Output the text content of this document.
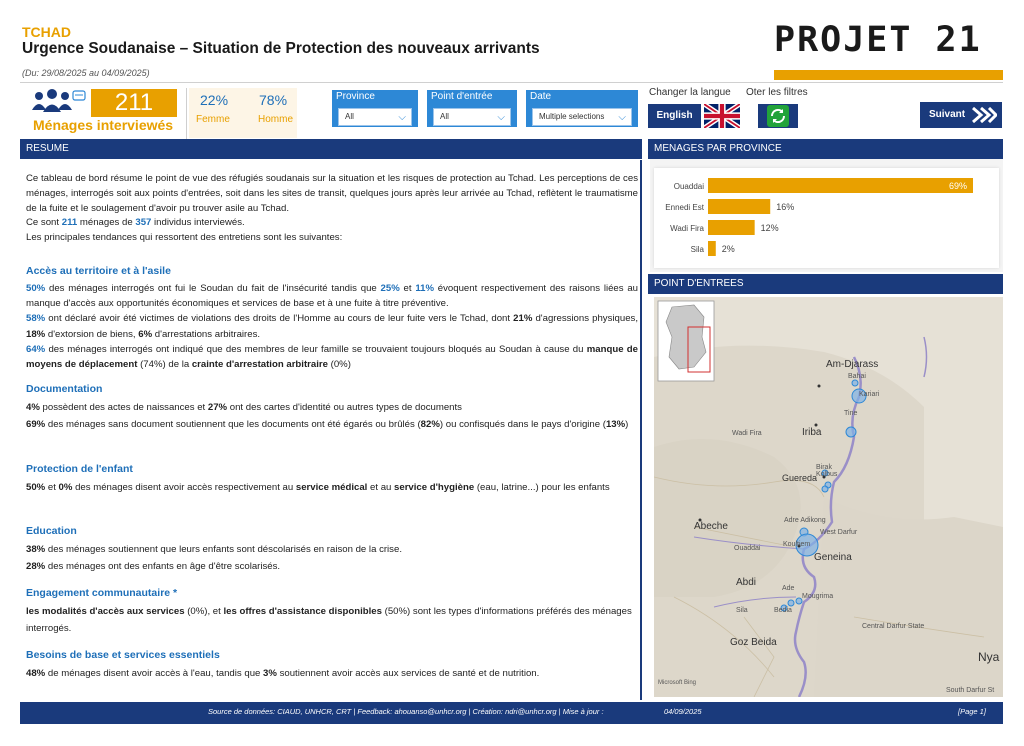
TCHAD
Urgence Soudanaise – Situation de Protection des nouveaux arrivants
(Du: 29/08/2025 au 04/09/2025)
PROJET 21
211
Ménages interviewés
22%
Femme
78%
Homme
Province
All	⌵
Point d'entrée
All	⌵
Date
Multiple selections ⌵
Changer la langue Oter les filtres
English	Suivant
RESUME

Ce tableau de bord résume le point de vue des réfugiés soudanais sur la situation et les risques de protection au Tchad. Les perceptions de ces ménages, interrogés soit aux points d'entrées, soit dans les sites de transit, quelques jours après leur arrivée au Tchad, reflètent le traumatisme de la fuite et le soulagement d'avoir pu trouver asile au Tchad.

Ce sont 211 ménages de 357 individus interviewés.

Les principales tendances qui ressortent des entretiens sont les suivantes:

Accès au territoire et à l'asile

50% des ménages interrogés ont fui le Soudan du fait de l'insécurité tandis que 25% et 11% évoquent respectivement des raisons liées au manque d'accès aux opportunités économiques et services de base et à une fuite à titre préventive.

58% ont déclaré avoir été victimes de violations des droits de l'Homme au cours de leur fuite vers le Tchad, dont 21% d'agressions physiques, 18% d'extorsion de biens, 6% d'arrestations arbitraires.

64% des ménages interrogés ont indiqué que des membres de leur famille se trouvaient toujours bloqués au Soudan à cause du manque de moyens de déplacement (74%) de la crainte d'arrestation arbitraire (0%)

Documentation

4% possèdent des actes de naissances et 27% ont des cartes d'identité ou autres types de documents

69% des ménages sans document soutiennent que les documents ont été égarés ou brûlés (82%) ou confisqués dans le pays d'origine (13%)

Protection de l'enfant

50% et 0% des ménages disent avoir accès respectivement au service médical et au service d'hygiène (eau, latrine...) pour les enfants

Education

38% des ménages soutiennent que leurs enfants sont déscolarisés en raison de la crise.

28% des ménages ont des enfants en âge d'être scolarisés.

Engagement communautaire *

les modalités d'accès aux services (0%), et les offres d'assistance disponibles (50%) sont les types d'informations préférés des ménages interrogés.

Besoins de base et services essentiels

48% de ménages disent avoir accès à l'eau, tandis que 3% soutiennent avoir accès aux services de santé et de nutrition.

MENAGES PAR PROVINCE
Ouaddai	69%
Ennedi Est	16%
Wadi Fira	12%
Sila 2%
POINT D'ENTREES
Am-Djarass
Bahai
Kariari
Tine
Wadi Fira	Iriba
Birak
Kolbus
Guereda
Abeche
Adre Adikong
West Darfur
Koultiem
Ouaddai
Geneina
Abdi
Sila
Ade
Mougrima
Bedia
Central Darfur State
Goz Beida
Nya
South Darfur St
Microsoft Bing
Source de données: CIAUD, UNHCR, CRT | Feedback: ahouanso@unhcr.org | Création: ndri@unhcr.org | Mise à jour :	04/09/2025	[Page 1]
